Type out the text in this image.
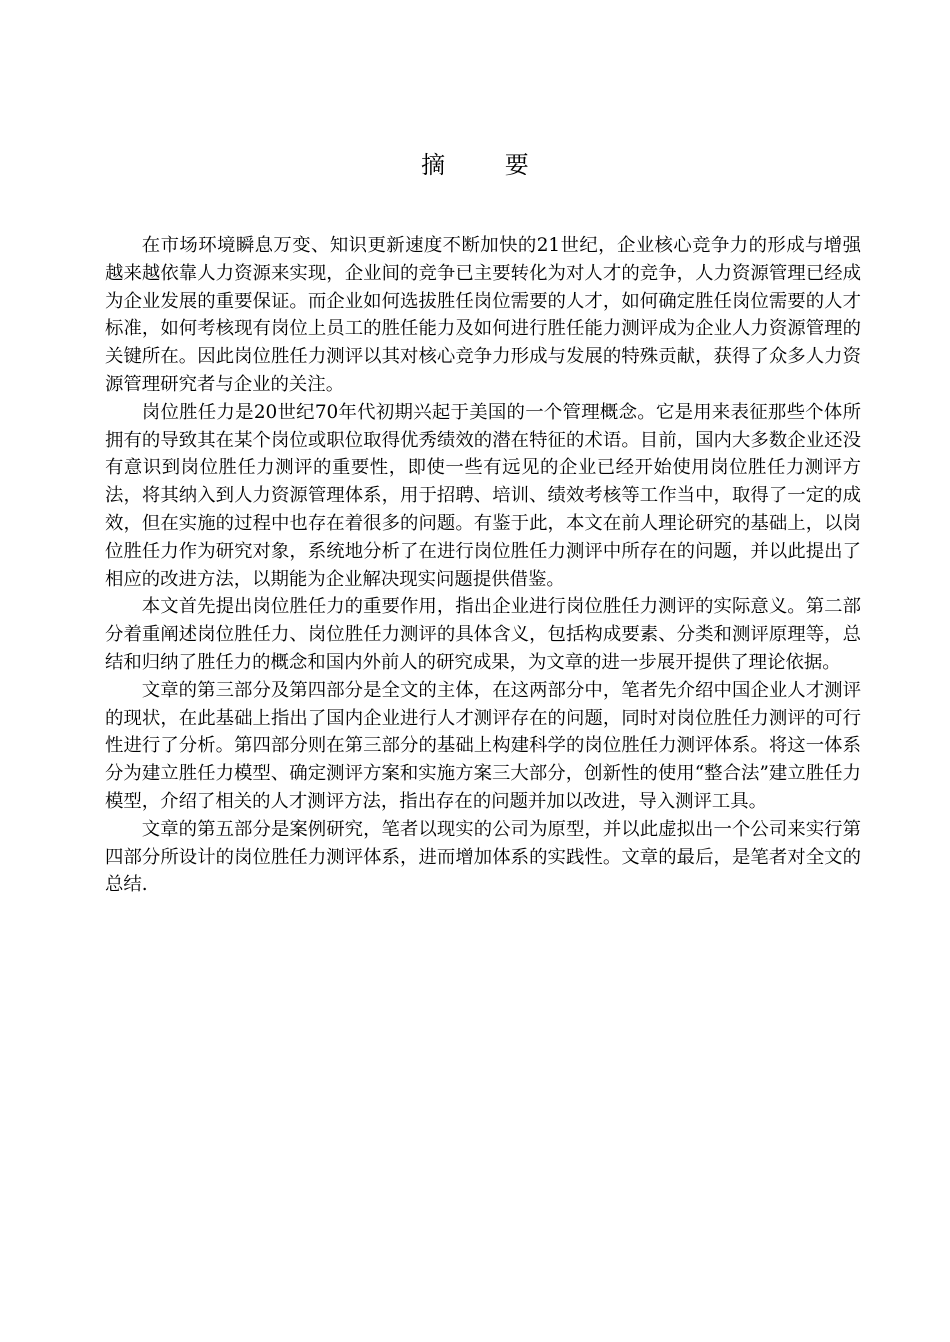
摘 要

在市场环境瞬息万变、知识更新速度不断加快的21世纪，企业核心竞争力的形成与增强越来越依靠人力资源来实现，企业间的竞争已主要转化为对人才的竞争，人力资源管理已经成为企业发展的重要保证。而企业如何选拔胜任岗位需要的人才，如何确定胜任岗位需要的人才标准，如何考核现有岗位上员工的胜任能力及如何进行胜任能力测评成为企业人力资源管理的关键所在。因此岗位胜任力测评以其对核心竞争力形成与发展的特殊贡献，获得了众多人力资源管理研究者与企业的关注。

岗位胜任力是20世纪70年代初期兴起于美国的一个管理概念。它是用来表征那些个体所拥有的导致其在某个岗位或职位取得优秀绩效的潜在特征的术语。目前，国内大多数企业还没有意识到岗位胜任力测评的重要性，即使一些有远见的企业已经开始使用岗位胜任力测评方法，将其纳入到人力资源管理体系，用于招聘、培训、绩效考核等工作当中，取得了一定的成效，但在实施的过程中也存在着很多的问题。有鉴于此，本文在前人理论研究的基础上，以岗位胜任力作为研究对象，系统地分析了在进行岗位胜任力测评中所存在的问题，并以此提出了相应的改进方法，以期能为企业解决现实问题提供借鉴。

本文首先提出岗位胜任力的重要作用，指出企业进行岗位胜任力测评的实际意义。第二部分着重阐述岗位胜任力、岗位胜任力测评的具体含义，包括构成要素、分类和测评原理等，总结和归纳了胜任力的概念和国内外前人的研究成果，为文章的进一步展开提供了理论依据。

文章的第三部分及第四部分是全文的主体，在这两部分中，笔者先介绍中国企业人才测评的现状，在此基础上指出了国内企业进行人才测评存在的问题，同时对岗位胜任力测评的可行性进行了分析。第四部分则在第三部分的基础上构建科学的岗位胜任力测评体系。将这一体系分为建立胜任力模型、确定测评方案和实施方案三大部分，创新性的使用“整合法”建立胜任力模型，介绍了相关的人才测评方法，指出存在的问题并加以改进，导入测评工具。

文章的第五部分是案例研究，笔者以现实的公司为原型，并以此虚拟出一个公司来实行第四部分所设计的岗位胜任力测评体系，进而增加体系的实践性。文章的最后，是笔者对全文的总结.
